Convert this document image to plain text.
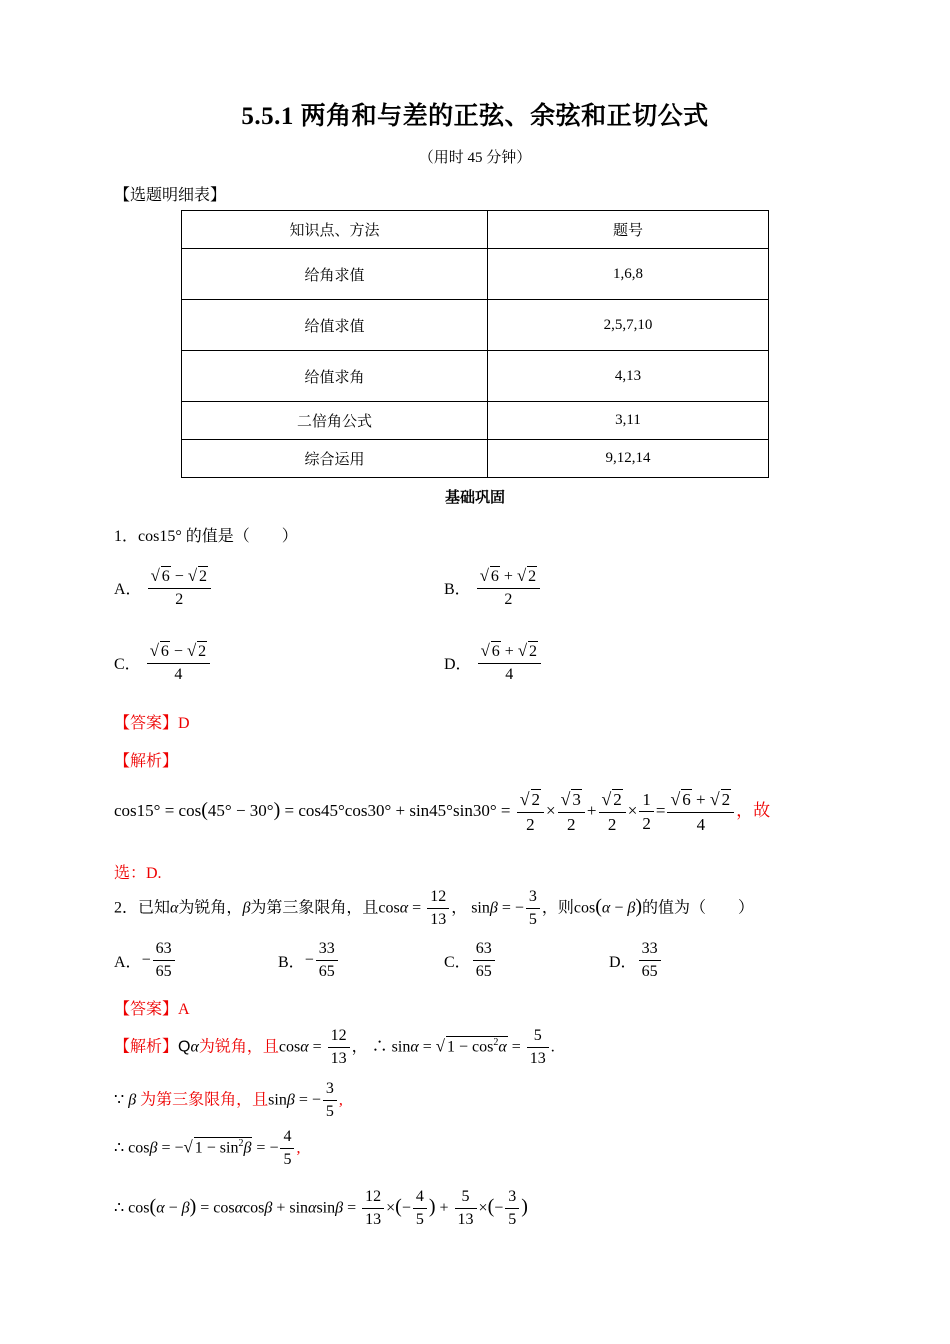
5.5.1 两角和与差的正弦、余弦和正切公式
（用时 45 分钟）
【选题明细表】
知识点、方法	题号
给角求值	1,6,8
给值求值	2,5,7,10
给值求角	4,13
二倍角公式	3,11
综合运用	9,12,14
基础巩固
1．cos15° 的值是（　　）
A． $\frac{√ 6 - √ 2}{2}$	B． $\frac{√ 6 + √ 2}{2}$
C． $\frac{√ 6 - √ 2}{4}$	D． $\frac{√ 6 + √ 2}{4}$
【答案】D
【解析】
$\cos 15^\circ = \cos(45^\circ - 30^\circ) = \cos 45^\circ\cos 30^\circ + \sin 45^\circ\sin 30^\circ = \frac{√ 2}{2} \times \frac{√ 3}{2} + \frac{√ 2}{2} \times \frac{1}{2} = \frac{√ 6 + √ 2}{4}$ ，故
选：D.
2．已知α为锐角，β为第三象限角，且$\cos\alpha = \frac{12}{13}$ ， sinβ = − $\frac{3}{5}$ ，则cos(α − β)的值为（　　）
A．− $\frac{63}{65}$	B．− $\frac{33}{65}$	C． $\frac{63}{65}$	D． $\frac{33}{65}$
【答案】A
【解析】Qα为锐角，且$\cos\alpha = \frac{12}{13}$ ， ∴ sinα = √ $1 - \cos^2\alpha = \frac{5}{13}$ .
∵ β 为第三象限角，且sinβ = − $\frac{3}{5}$ ,
∴ cosβ = −√ $1 - \sin^2\beta$ = − $\frac{4}{5}$ ,
∴ $\cos(\alpha - \beta) = \cos\alpha\cos\beta + \sin\alpha\sin\beta = \frac{12}{13}$ ×(− $\frac{4}{5}$ ) + $\frac{5}{13}$ ×(− $\frac{3}{5}$ )
